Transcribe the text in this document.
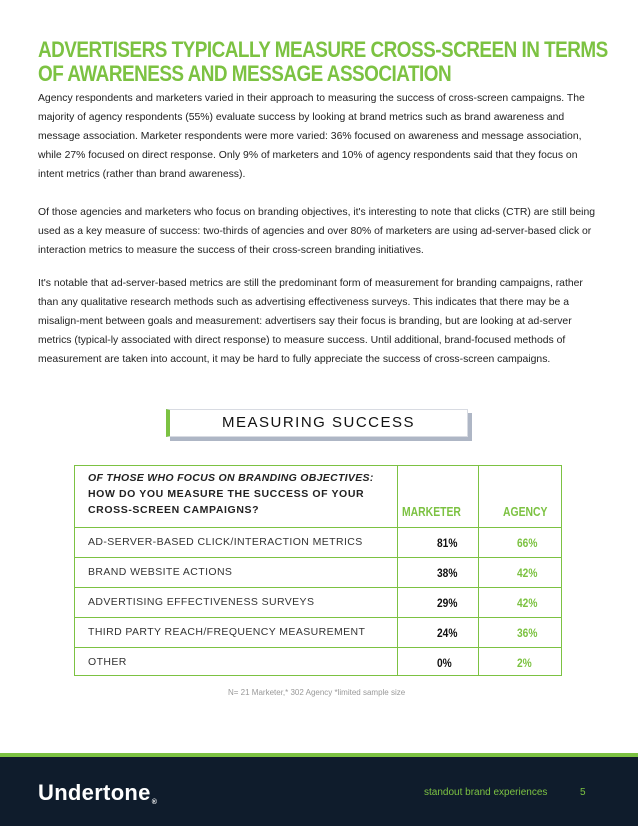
ADVERTISERS TYPICALLY MEASURE CROSS-SCREEN IN TERMS
OF AWARENESS AND MESSAGE ASSOCIATION

Agency respondents and marketers varied in their approach to measuring the success of cross-screen campaigns. The majority of agency respondents (55%) evaluate success by looking at brand metrics such as brand awareness and message association. Marketer respondents were more varied: 36% focused on awareness and message association, while 27% focused on direct response. Only 9% of marketers and 10% of agency respondents said that they focus on intent metrics (rather than brand awareness).

Of those agencies and marketers who focus on branding objectives, it's interesting to note that clicks (CTR) are still being used as a key measure of success: two-thirds of agencies and over 80% of marketers are using ad-server-based click or interaction metrics to measure the success of their cross-screen branding initiatives.

It's notable that ad-server-based metrics are still the predominant form of measurement for branding campaigns, rather than any qualitative research methods such as advertising effectiveness surveys. This indicates that there may be a misalign-ment between goals and measurement: advertisers say their focus is branding, but are looking at ad-server metrics (typical-ly associated with direct response) to measure success. Until additional, brand-focused methods of measurement are taken into account, it may be hard to fully appreciate the success of cross-screen campaigns.

MEASURING SUCCESS
OF THOSE WHO FOCUS ON BRANDING OBJECTIVES:
HOW DO YOU MEASURE THE SUCCESS OF YOUR
CROSS-SCREEN CAMPAIGNS?	MARKETER	AGENCY
AD-SERVER-BASED CLICK/INTERACTION METRICS	81%	66%
BRAND WEBSITE ACTIONS	38%	42%
ADVERTISING EFFECTIVENESS SURVEYS	29%	42%
THIRD PARTY REACH/FREQUENCY MEASUREMENT	24%	36%
OTHER	0%	2%
N= 21 Marketer,* 302 Agency *limited sample size
Undertone®
standout brand experiences	5
